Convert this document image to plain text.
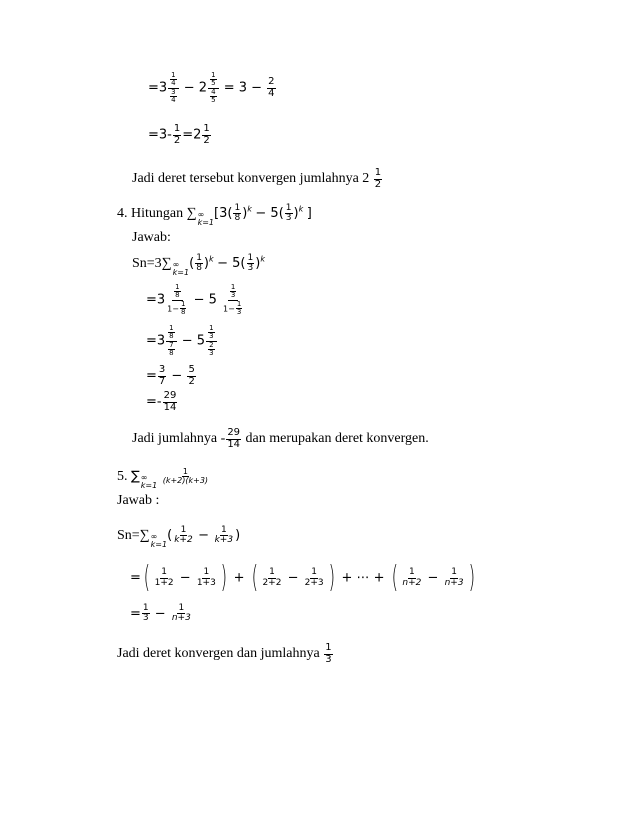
$=3 \frac{\frac{1}{4}}{\frac{3}{4}} - 2 \frac{\frac{1}{5}}{\frac{4}{5}} = 3 - \frac{2}{4}$
$=3- \frac{1}{2} =2 \frac{1}{2}$
Jadi deret tersebut konvergen jumlahnya $2 \frac{1}{2}$
4. Hitungan ∑ ∞
k=1
[$3( \frac{1}{8} )^k - 5( \frac{1}{3} )^k$ ]
Jawab:
Sn=3∑ ∞
k=1
( $\frac{1}{8} )^k - 5( \frac{1}{3} )^k$
$=3 \frac{\frac{1}{8}}{1- \frac{1}{8}} - 5 \frac{\frac{1}{3}}{1- \frac{1}{3}}$
$=3 \frac{\frac{1}{8}}{\frac{7}{8}} - 5 \frac{\frac{1}{3}}{\frac{2}{3}}$
= $\frac{3}{7} - \frac{5}{2}$
=- $\frac{29}{14}$
Jadi jumlahnya - $\frac{29}{14}$ dan merupakan deret konvergen.
5. ∑ ∞
k=1
$\frac{1}{(k+2)(k+3)}$
Jawab :
Sn=∑ ∞
k=1
( $\frac{1}{k+2} - \frac{1}{k+3}$ )
=( $\frac{1}{1+2} - \frac{1}{1+3}$ ) + ( $\frac{1}{2+2} - \frac{1}{2+3}$ ) + ⋯ + ( $\frac{1}{n+2} - \frac{1}{n+3}$ )
= $\frac{1}{3} - \frac{1}{n+3}$
Jadi deret konvergen dan jumlahnya $\frac{1}{3}$
